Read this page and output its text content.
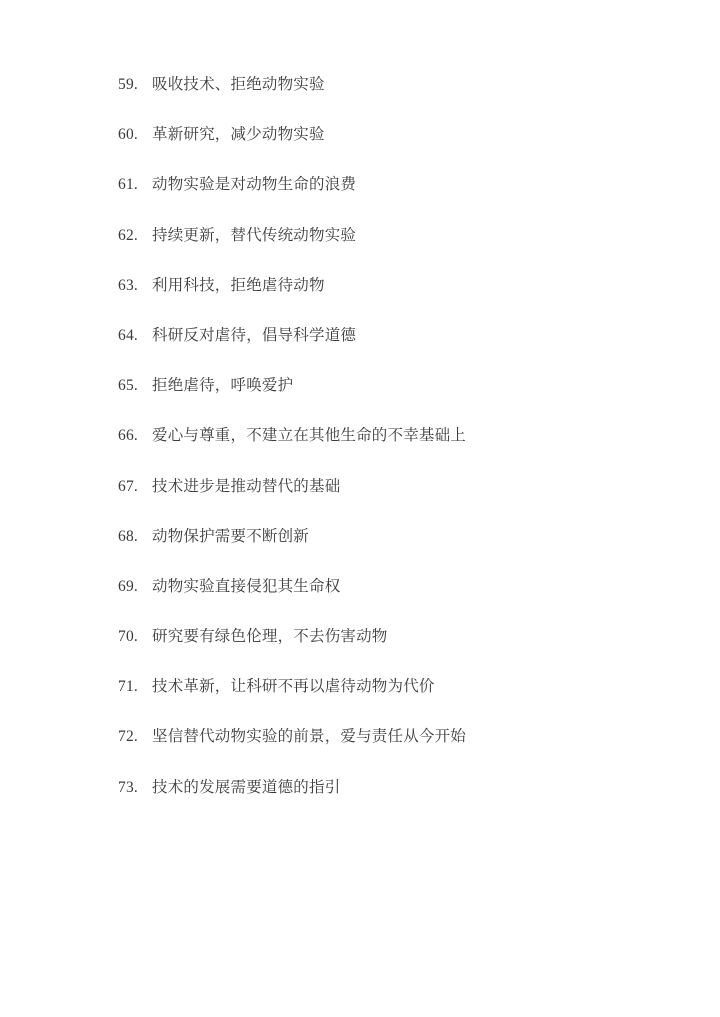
59. 吸收技术、拒绝动物实验
60. 革新研究，减少动物实验
61. 动物实验是对动物生命的浪费
62. 持续更新，替代传统动物实验
63. 利用科技，拒绝虐待动物
64. 科研反对虐待，倡导科学道德
65. 拒绝虐待，呼唤爱护
66. 爱心与尊重，不建立在其他生命的不幸基础上
67. 技术进步是推动替代的基础
68. 动物保护需要不断创新
69. 动物实验直接侵犯其生命权
70. 研究要有绿色伦理，不去伤害动物
71. 技术革新，让科研不再以虐待动物为代价
72. 坚信替代动物实验的前景，爱与责任从今开始
73. 技术的发展需要道德的指引
